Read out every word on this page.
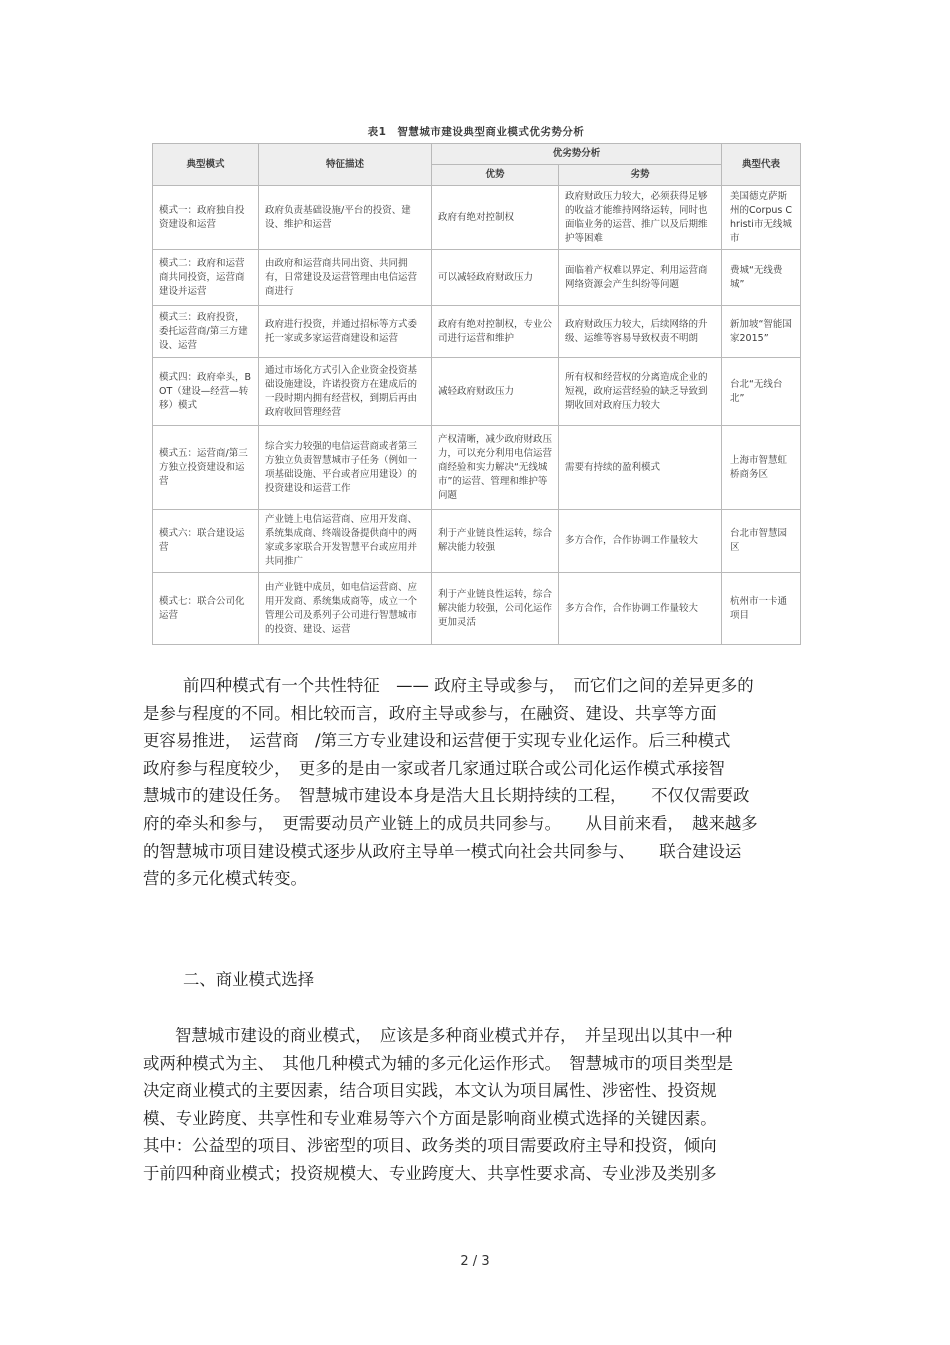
表1　智慧城市建设典型商业模式优劣势分析
典型模式	特征描述	优劣势分析		典型代表
		优势	劣势	
模式一：政府独自投资建设和运营	政府负责基础设施/平台的投资、建设、维护和运营	政府有绝对控制权	政府财政压力较大，必须获得足够的收益才能维持网络运转，同时也面临业务的运营、推广以及后期维护等困难	美国德克萨斯州的Corpus Christi市无线城市
模式二：政府和运营商共同投资，运营商建设并运营	由政府和运营商共同出资、共同拥有，日常建设及运营管理由电信运营商进行	可以减轻政府财政压力	面临着产权难以界定、利用运营商网络资源会产生纠纷等问题	费城“无线费城”
模式三：政府投资，委托运营商/第三方建设、运营	政府进行投资，并通过招标等方式委托一家或多家运营商建设和运营	政府有绝对控制权，专业公司进行运营和维护	政府财政压力较大，后续网络的升级、运维等容易导致权责不明朗	新加坡“智能国家2015”
模式四：政府牵头，BOT（建设—经营—转移）模式	通过市场化方式引入企业资金投资基础设施建设，许诺投资方在建成后的一段时期内拥有经营权，到期后再由政府收回管理经营	减轻政府财政压力	所有权和经营权的分离造成企业的短视，政府运营经验的缺乏导致到期收回对政府压力较大	台北“无线台北”
模式五：运营商/第三方独立投资建设和运营	综合实力较强的电信运营商或者第三方独立负责智慧城市子任务（例如一项基础设施、平台或者应用建设）的投资建设和运营工作	产权清晰，减少政府财政压力，可以充分利用电信运营商经验和实力解决“无线城市”的运营、管理和维护等问题	需要有持续的盈利模式	上海市智慧虹桥商务区
模式六：联合建设运营	产业链上电信运营商、应用开发商、系统集成商、终端设备提供商中的两家或多家联合开发智慧平台或应用并共同推广	利于产业链良性运转，综合解决能力较强	多方合作，合作协调工作量较大	台北市智慧园区
模式七：联合公司化运营	由产业链中成员，如电信运营商、应用开发商、系统集成商等，成立一个管理公司及系列子公司进行智慧城市的投资、建设、运营	利于产业链良性运转，综合解决能力较强，公司化运作更加灵活	多方合作，合作协调工作量较大	杭州市一卡通项目
前四种模式有一个共性特征　—— 政府主导或参与，　而它们之间的差异更多的
是参与程度的不同。相比较而言，政府主导或参与，在融资、建设、共享等方面
更容易推进，　运营商　/第三方专业建设和运营便于实现专业化运作。后三种模式
政府参与程度较少，　更多的是由一家或者几家通过联合或公司化运作模式承接智
慧城市的建设任务。　智慧城市建设本身是浩大且长期持续的工程，　　不仅仅需要政
府的牵头和参与，　更需要动员产业链上的成员共同参与。　　从目前来看，　越来越多
的智慧城市项目建设模式逐步从政府主导单一模式向社会共同参与、　　联合建设运
营的多元化模式转变。
二、商业模式选择
智慧城市建设的商业模式，　应该是多种商业模式并存，　并呈现出以其中一种
或两种模式为主、　其他几种模式为辅的多元化运作形式。　智慧城市的项目类型是
决定商业模式的主要因素，结合项目实践，本文认为项目属性、涉密性、投资规
模、专业跨度、共享性和专业难易等六个方面是影响商业模式选择的关键因素。
其中：公益型的项目、涉密型的项目、政务类的项目需要政府主导和投资，倾向
于前四种商业模式；投资规模大、专业跨度大、共享性要求高、专业涉及类别多
2 / 3
